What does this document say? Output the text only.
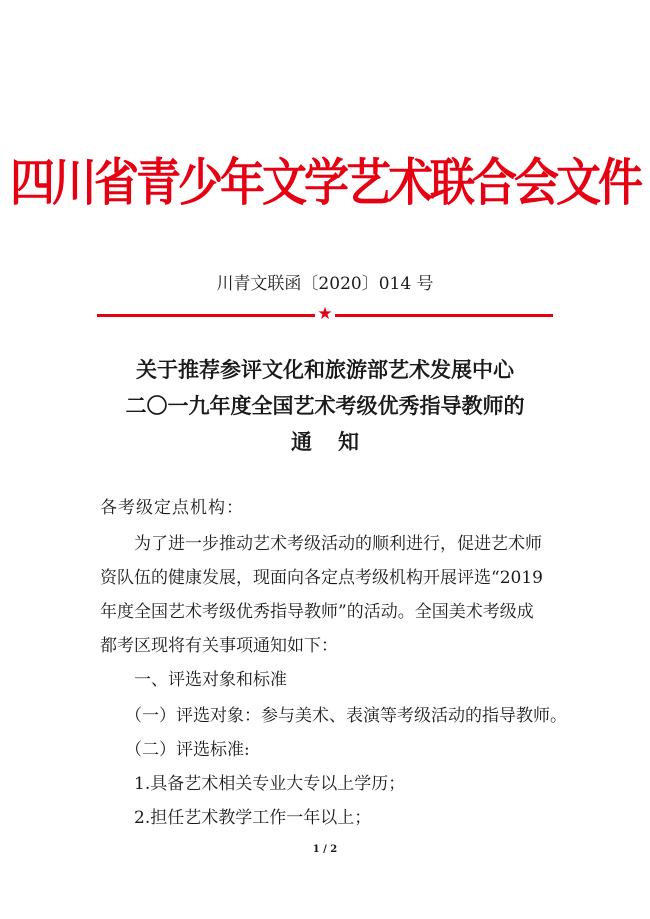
四川省青少年文学艺术联合会文件
川青文联函〔2020〕014 号
★
关于推荐参评文化和旅游部艺术发展中心
二〇一九年度全国艺术考级优秀指导教师的
通知
各考级定点机构：
为了进一步推动艺术考级活动的顺利进行，促进艺术师
资队伍的健康发展，现面向各定点考级机构开展评选“2019
年度全国艺术考级优秀指导教师”的活动。全国美术考级成
都考区现将有关事项通知如下：
一、评选对象和标准
（一）评选对象：参与美术、表演等考级活动的指导教师。
（二）评选标准:
1.具备艺术相关专业大专以上学历；
2.担任艺术教学工作一年以上；
1 / 2
